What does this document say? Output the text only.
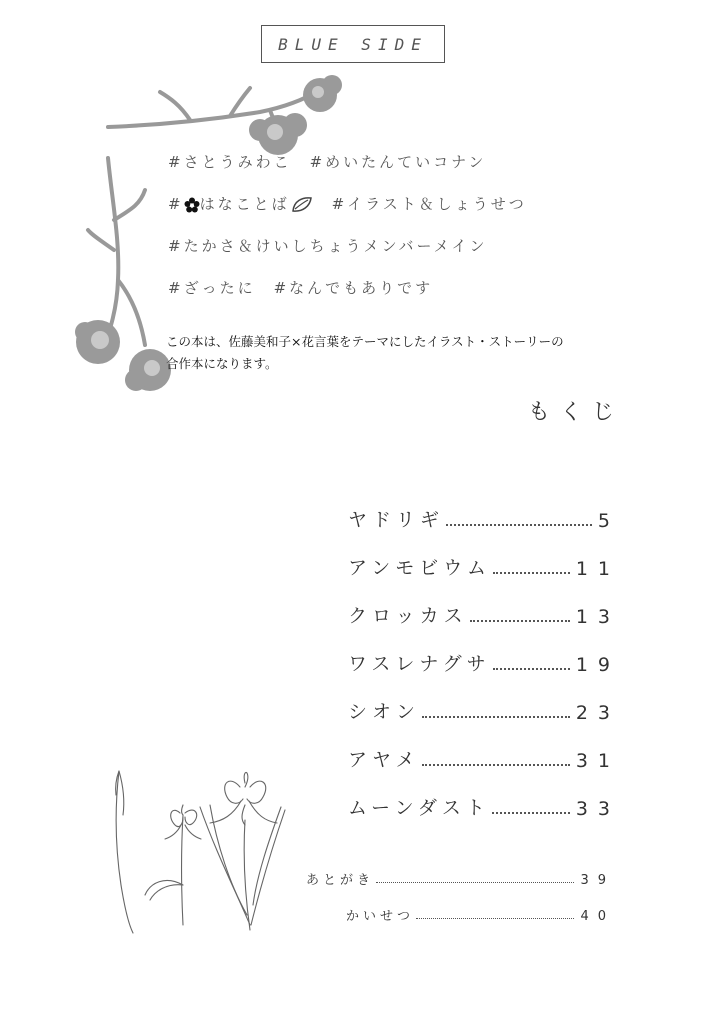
BLUE SIDE
#さとうみわこ #めいたんていコナン
# はなことば	#イラスト＆しょうせつ
#たかさ＆けいしちょうメンバーメイン
#ざったに #なんでもありです
この本は、佐藤美和子×花言葉をテーマにしたイラスト・ストーリーの
合作本になります。
もくじ
ヤドリギ	5
アンモビウム	11
クロッカス	13
ワスレナグサ	19
シオン	23
アヤメ	31
ムーンダスト	33
あとがき	39
かいせつ	40
